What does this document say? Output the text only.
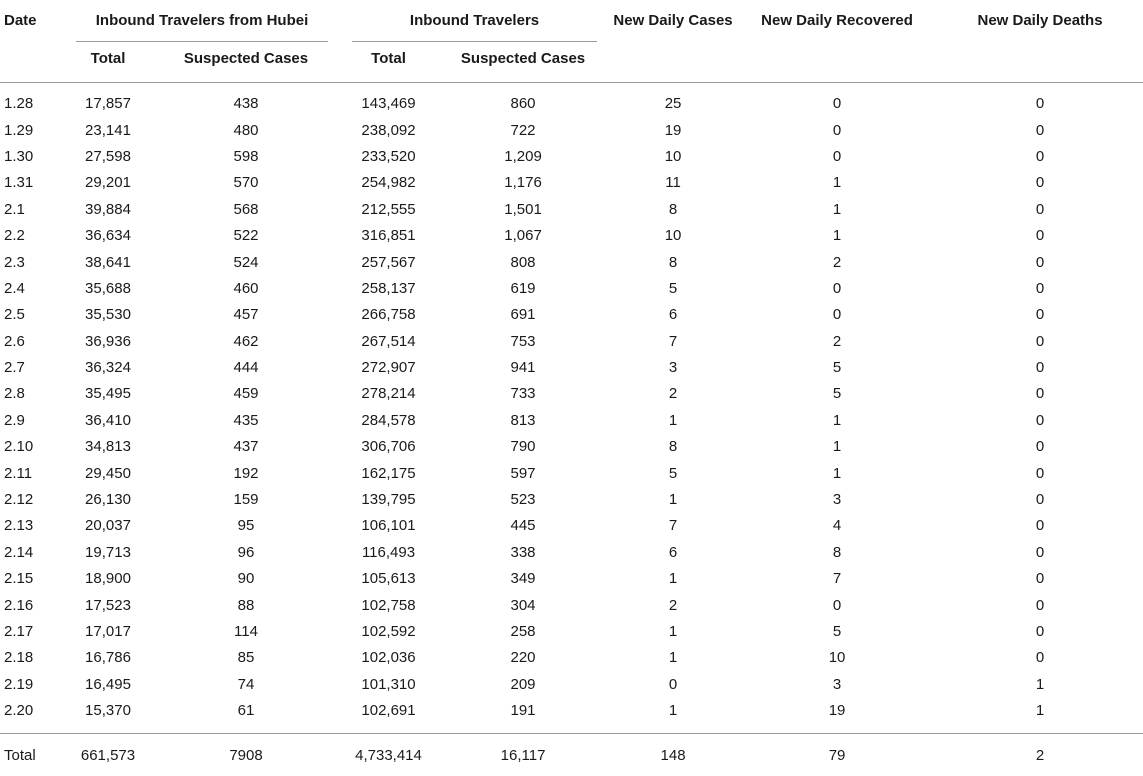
Date	Inbound Travelers from Hubei		Inbound Travelers		New Daily Cases	New Daily Recovered	New Daily Deaths
	Total	Suspected Cases	Total	Suspected Cases			

1.28	17,857	438	143,469	860	25	0	0
1.29	23,141	480	238,092	722	19	0	0
1.30	27,598	598	233,520	1,209	10	0	0
1.31	29,201	570	254,982	1,176	11	1	0
2.1	39,884	568	212,555	1,501	8	1	0
2.2	36,634	522	316,851	1,067	10	1	0
2.3	38,641	524	257,567	808	8	2	0
2.4	35,688	460	258,137	619	5	0	0
2.5	35,530	457	266,758	691	6	0	0
2.6	36,936	462	267,514	753	7	2	0
2.7	36,324	444	272,907	941	3	5	0
2.8	35,495	459	278,214	733	2	5	0
2.9	36,410	435	284,578	813	1	1	0
2.10	34,813	437	306,706	790	8	1	0
2.11	29,450	192	162,175	597	5	1	0
2.12	26,130	159	139,795	523	1	3	0
2.13	20,037	95	106,101	445	7	4	0
2.14	19,713	96	116,493	338	6	8	0
2.15	18,900	90	105,613	349	1	7	0
2.16	17,523	88	102,758	304	2	0	0
2.17	17,017	114	102,592	258	1	5	0
2.18	16,786	85	102,036	220	1	10	0
2.19	16,495	74	101,310	209	0	3	1
2.20	15,370	61	102,691	191	1	19	1

Total	661,573	7908	4,733,414	16,117	148	79	2
